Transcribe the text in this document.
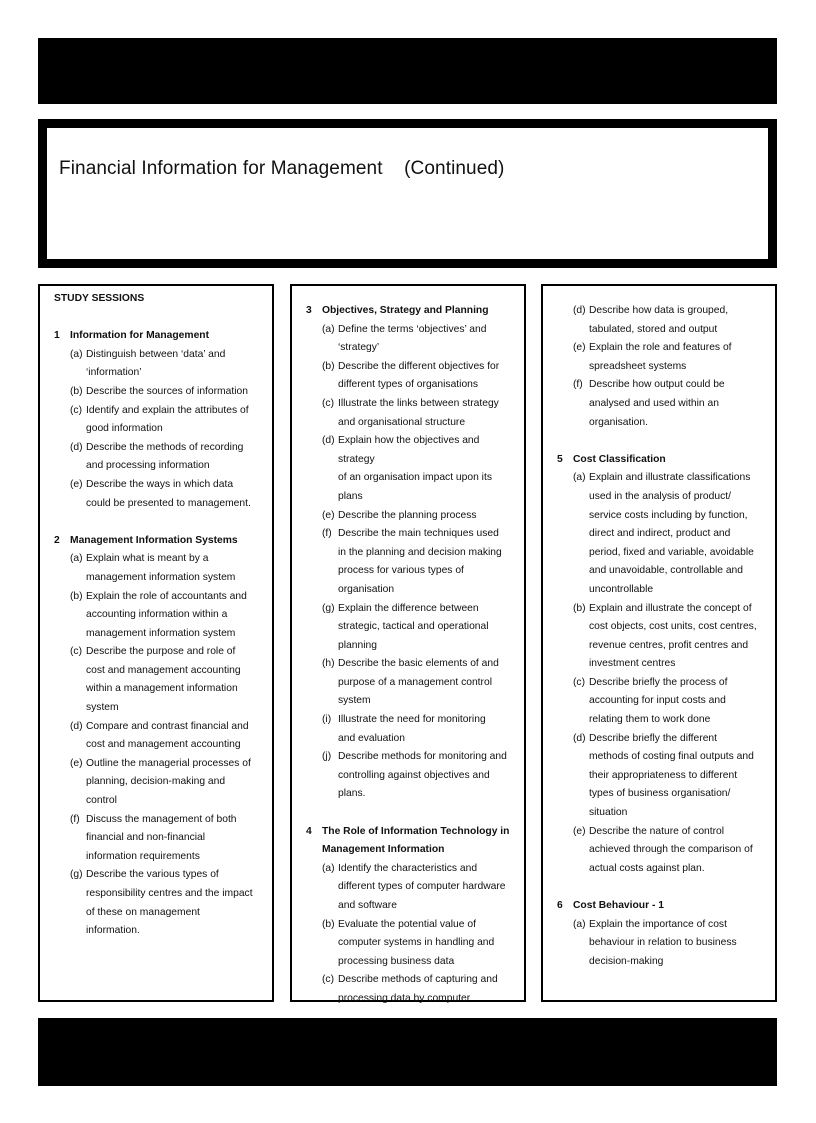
Financial Information for Management    (Continued)
STUDY SESSIONS
1 Information for Management
(a) Distinguish between ‘data’ and
‘information’
(b) Describe the sources of information
(c) Identify and explain the attributes of
good information
(d) Describe the methods of recording
and processing information
(e) Describe the ways in which data
could be presented to management.
2 Management Information Systems
(a) Explain what is meant by a
management information system
(b) Explain the role of accountants and
accounting information within a
management information system
(c) Describe the purpose and role of
cost and management accounting
within a management information
system
(d) Compare and contrast financial and
cost and management accounting
(e) Outline the managerial processes of
planning, decision-making and
control
(f) Discuss the management of both
financial and non-financial
information requirements
(g) Describe the various types of
responsibility centres and the impact
of these on management
information.
3 Objectives, Strategy and Planning
(a) Define the terms ‘objectives’ and
‘strategy’
(b) Describe the different objectives for
different types of organisations
(c) Illustrate the links between strategy
and organisational structure
(d) Explain how the objectives and
strategy
of an organisation impact upon its plans
(e) Describe the planning process
(f) Describe the main techniques used
in the planning and decision making
process for various types of organisation
(g) Explain the difference between
strategic, tactical and operational
planning
(h) Describe the basic elements of and
purpose of a management control
system
(i) Illustrate the need for monitoring
and evaluation
(j) Describe methods for monitoring and
controlling against objectives and
plans.
4 The Role of Information Technology in
Management Information
(a) Identify the characteristics and
different types of computer hardware
and software
(b) Evaluate the potential value of
computer systems in handling and
processing business data
(c) Describe methods of capturing and
processing data by computer
(d) Describe how data is grouped,
tabulated, stored and output
(e) Explain the role and features of
spreadsheet systems
(f) Describe how output could be
analysed and used within an
organisation.
5 Cost Classification
(a) Explain and illustrate classifications
used in the analysis of product/
service costs including by function,
direct and indirect, product and
period, fixed and variable, avoidable
and unavoidable, controllable and
uncontrollable
(b) Explain and illustrate the concept of
cost objects, cost units, cost centres,
revenue centres, profit centres and
investment centres
(c) Describe briefly the process of
accounting for input costs and
relating them to work done
(d) Describe briefly the different
methods of costing final outputs and
their appropriateness to different
types of business organisation/
situation
(e) Describe the nature of control
achieved through the comparison of
actual costs against plan.
6 Cost Behaviour - 1
(a) Explain the importance of cost
behaviour in relation to business
decision-making
